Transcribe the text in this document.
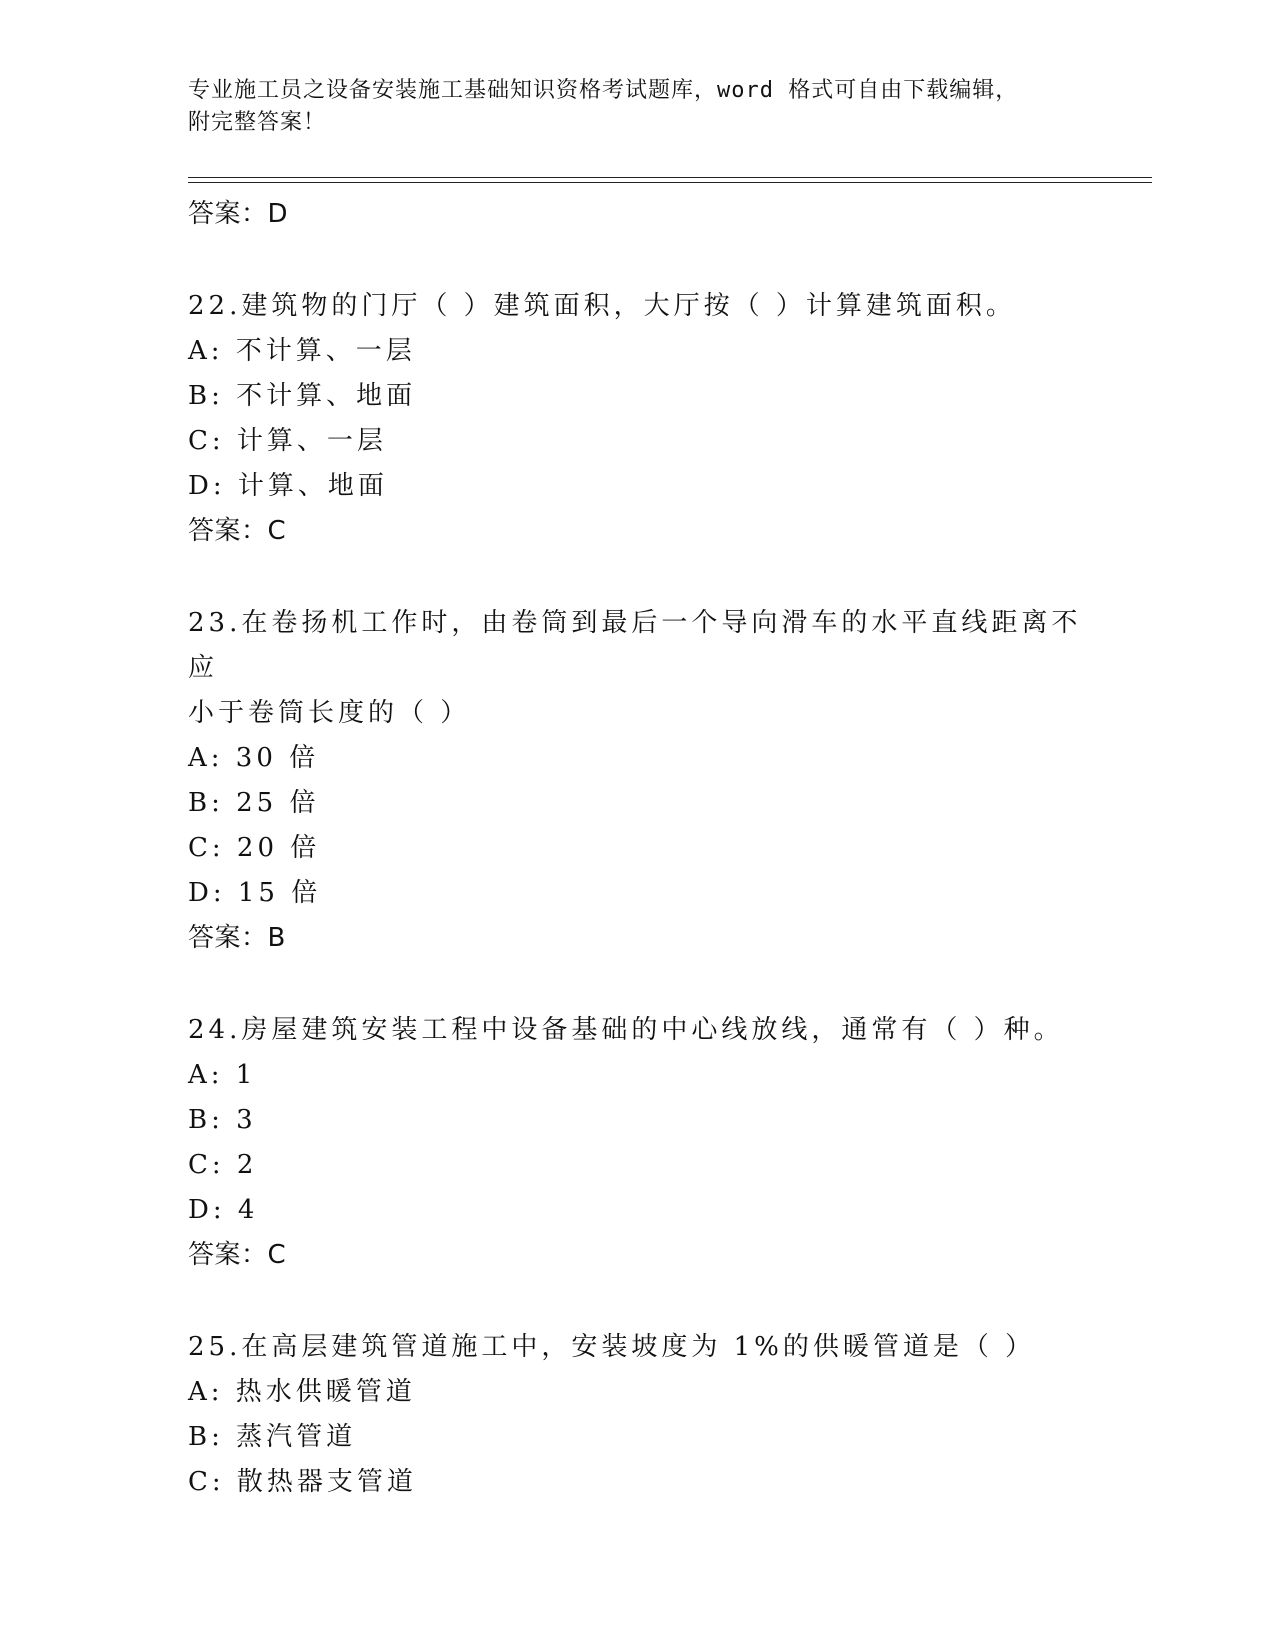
专业施工员之设备安装施工基础知识资格考试题库，word 格式可自由下载编辑，
附完整答案！
答案：D
22.建筑物的门厅（ ）建筑面积，大厅按（ ）计算建筑面积。
A: 不计算、一层
B: 不计算、地面
C: 计算、一层
D: 计算、地面
答案：C
23.在卷扬机工作时，由卷筒到最后一个导向滑车的水平直线距离不应
小于卷筒长度的（ ）
A: 30 倍
B: 25 倍
C: 20 倍
D: 15 倍
答案：B
24.房屋建筑安装工程中设备基础的中心线放线，通常有（ ）种。
A: 1
B: 3
C: 2
D: 4
答案：C
25.在高层建筑管道施工中，安装坡度为 1%的供暖管道是（ ）
A: 热水供暖管道
B: 蒸汽管道
C: 散热器支管道
